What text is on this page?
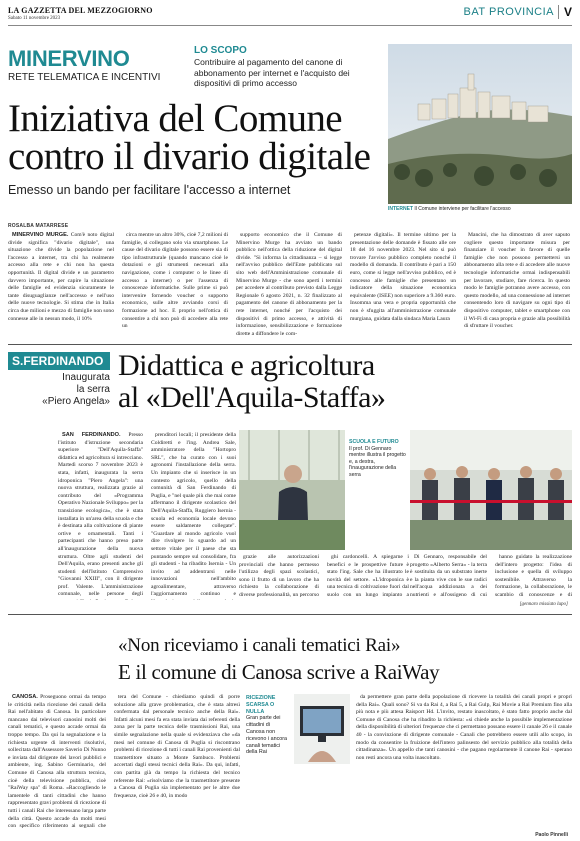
LA GAZZETTA DEL MEZZOGIORNO
Sabato 11 novembre 2023
BAT PROVINCIA V
MINERVINO
RETE TELEMATICA E INCENTIVI
LO SCOPO
Contribuire al pagamento del canone di abbonamento per internet e l'acquisto dei dispositivi di primo accesso
Iniziativa del Comune
contro il divario digitale
Emesso un bando per facilitare l'accesso a internet
INTERNET Il Comune interviene per facilitare l'accesso
ROSALBA MATARRESE

MINERVINO MURGE. Com'è noto digital divide significa "divario digitale", una situazione che divide la popolazione nel l'accesso a internet, tra chi ha realmente accesso alla rete e chi non ha questa opportunità. Il digital divide e un parametro davvero importante, per capire la situazione delle famiglie ed evidenzia sicuramente le tante disuguaglianze nell'accesso e nell'uso delle nuove tecnologie. Si stima che in Italia circa due milioni e mezzo di famiglie non sono connesse alle in nessun modo, il 10%

circa mentre un altro 30%, cioè 7,2 milioni di famiglie, si collegano solo via smartphone. Le cause del divario digitale possono essere sia di tipo infrastrutturale (quando mancano cioè le dotazioni e gli strumenti necessari alla navigazione, come i computer o le linee di accesso a internet) o per l'assenza di conoscenze informatiche. Sulle prime si può intervenire fornendo voucher o supporto economico, sulle altre avviando corsi di formazione ad hoc. E proprio nell'ottica di consentire a chi non può di accedere alla rete un

supporto economico che il Comune di Minervino Murge ha avviato un bando pubblico nell'ottica della riduzione del digital divide. "Si informa la cittadinanza – si legge nell'avviso pubblico dell'Ente pubblicato sul sito web dell'Amministrazione comunale di Minervino Murge - che sono aperti i termini per accedere al contributo previsto dalla Legge Regionale 6 agosto 2021, n. 32 finalizzato al pagamento del canone di abbonamento per la rete internet, nonché per l'acquisto dei dispositivi di primo accesso, e attività di informazione, sensibilizzazione e formazione dirette a diffondere le com-

petenze digitali». Il termine ultimo per la presentazione delle domande è fissato alle ore 18 del 16 novembre 2023. Nel sito si può trovare l'avviso pubblico completo nonché il modello di domanda. Il contributo è pari a 150 euro, come si legge nell'avviso pubblico, ed è concesso alle famiglie che presentano un indicatore della situazione economica equivalente (ISEE) non superiore a 9.360 euro. Insomma una vera e propria opportunità che non è sfuggita all'amministrazione comunale murgiana, guidata dalla sindaca Maria Laura

Mancini, che ha dimostrato di aver saputo cogliere questo importante misura per finanziare il voucher in favore di quelle famiglie che non possono permettersi un abbonamento alla rete e di accedere alle nuove tecnologie informatiche ormai indispensabili per lavorare, studiare, fare ricerca. In questo modo le famiglie potranno avere accesso, con questo modello, ad una connessione ad internet consentendo loro di navigare su ogni tipo di dispositivo computer, tablet e smartphone con il Wi-Fi di casa propria e grazie alla possibilità di sfruttare il voucher.

S.FERDINANDO
Inaugurata
la serra
«Piero Angela»
Didattica e agricoltura
al «Dell'Aquila-Staffa»
SCUOLA E FUTURO
Il prof. Di Gennaro mentre illustra il progetto e, a destra, l'inaugurazione della serra

SAN FERDINANDO. Presso l'istituto d'istruzione secondaria superiore "Dell'Aquila-Staffa" didattica ed agricoltura si intrecciano. Martedì scorso 7 novembre 2023 è stata, infatti, inaugurata la serra idroponica "Piero Angela": una nuova struttura, realizzata grazie al contributo del «Programma Operativo Nazionale Sviluppo» per la transizione ecologica», che è stata installata in un'area della scuola e che è destinata alla coltivazione di piante ortive e ornamentali. Tanti i partecipanti che hanno preso parte all'inaugurazione della nuova struttura. Oltre agli studenti del Dell'Aquila, erano presenti anche gli studenti dell'Istituto Comprensivo "Giovanni XXIII", con il dirigente prof. Valente. L'amministrazione comunale, nelle persone degli

prenditori locali; il presidente della Coldiretti e l'ing. Andrea Sale, amministratore della "Hortopro SRL", che ha curato con i suoi agronomi l'installazione della serra. Un impianto che si inserisce in un contesto agricolo, quello della comunità di San Ferdinando di Puglia, e "nel quale più che mai come affermano il dirigente scolastico del Dell'Aquila-Staffa, Ruggiero Isernia - scuola ed economia locale devono essere saldamente collegate". "Guardare al mondo agricolo vuol dire rivolgere lo sguardo ad un settore vitale per il paese che sta puntando sempre sul consolidare, fra gli studenti - ha ribadito Isernia - Un invito ad addentrarsi nelle innovazioni nell'ambito agroalimentare, attraverso l'aggiornamento continuo e

grazie alle autorizzazioni provinciali che hanno permesso l'utilizzo degli spazi scolastici, sono il frutto di un lavoro che ha richiesto la collaborazione di diverse professionalità, un percorso

ghi cardoncelli. A spiegarne i benefici e le prospettive future è stato l'ing. Sale che ha illustrato le novità del settore. «L'idroponica è una tecnica di coltivazione fuori dal suolo con un lungo impianto a

Di Gennaro, responsabile del progetto «Alberto Serra» - la terra è sostituita da un substrato inerte e la pianta vive con le sue radici nell'acqua addizionata a dei nutrienti e all'ossigeno di cui

hanno guidato la realizzazione dell'intero progetto: l'idea di inclusione e quella di sviluppo sostenibile. Attraverso la formazione, la collaborazione, le scambio di conoscenze e di

[gennaro missiato lupo]
«Non riceviamo i canali tematici Rai»
E il comune di Canosa scrive a RaiWay
RICEZIONE SCARSA O NULLA
Gran parte dei cittadini di Canosa non ricevono i ancora canali tematici della Rai

CANOSA. Proseguono ormai da tempo le criticità nella ricezione dei canali della Rai nell'abitato di Canosa. In particolare mancano dai televisori canosini molti dei canali tematici, e questo accade ormai da troppo tempo. Da qui la segnalazione e la richiesta urgente di interventi risolutivi, sollecitata dall'Assessore Saverio Di Nunno e inviata dal dirigente dei lavori pubblici e ambiente, ing. Sabino Germinario, del Comune di Canosa alla struttura tecnica, cioè della televisione pubblica, cioè "RaiWay spa" di Roma. «Raccogliendo le lamentele di tanti cittadini che hanno rappresentato gravi problemi di ricezione di tutti i canali Rai che interessano larga parte della città. Questo accade da molti mesi con specifico riferimento ai segnali che

tera del Comune - chiediamo quindi di porre soluzione alla grave problematica, che è stata altresì confermata dal personale tecnico anche della Rai». Infatti alcuni mesi fa era stata inviata dai referenti della zona per la parte tecnica delle trasmissioni Rai, una simile segnalazione nella quale si evidenziava che «da mesi nel comune di Canosa di Puglia si riscontrano problemi di ricezione di tutti i canali Rai provenienti dal trasmettitore situato a Monte Sambuco. Problemi accertati dagli stessi tecnici della Rai». Da qui, infatti, con partita già da tempo la richiesta del tecnico referente Rai: «risolviamo che la trasmettitore presente a Canosa di Puglia sia implementato per le altre due frequenze, cioè 26 e 40, in modo

da permettere gran parte della popolazione di ricevere la totalità dei canali propri e propri della Rai». Quali sono? Si va da Rai 4, a Rai 5, a Rai Gulp, Rai Movie a Rai Premium fino alla più nota e più attesa Raisport Hd. L'invito, restato inascoltato, è stato fatto proprio anche dal Comune di Canosa che ha ribadito la richiesta: «si chiede anche la possibile implementazione della disponibilità di ulteriori frequenze che ci permettano possano essere il canale 26 e il canale 40 - la convinzione di dirigente comunale - Canali che potrebbero essere utili allo scopo, in modo da consentire la fruizione dell'intero palinsesto del servizio pubblico alla totalità della cittadinanza». Un appello che tanti canosini - che pagano regolarmente il canone Rai - sperano non resti ancora una volta inascoltato.

Paolo Pinnelli
